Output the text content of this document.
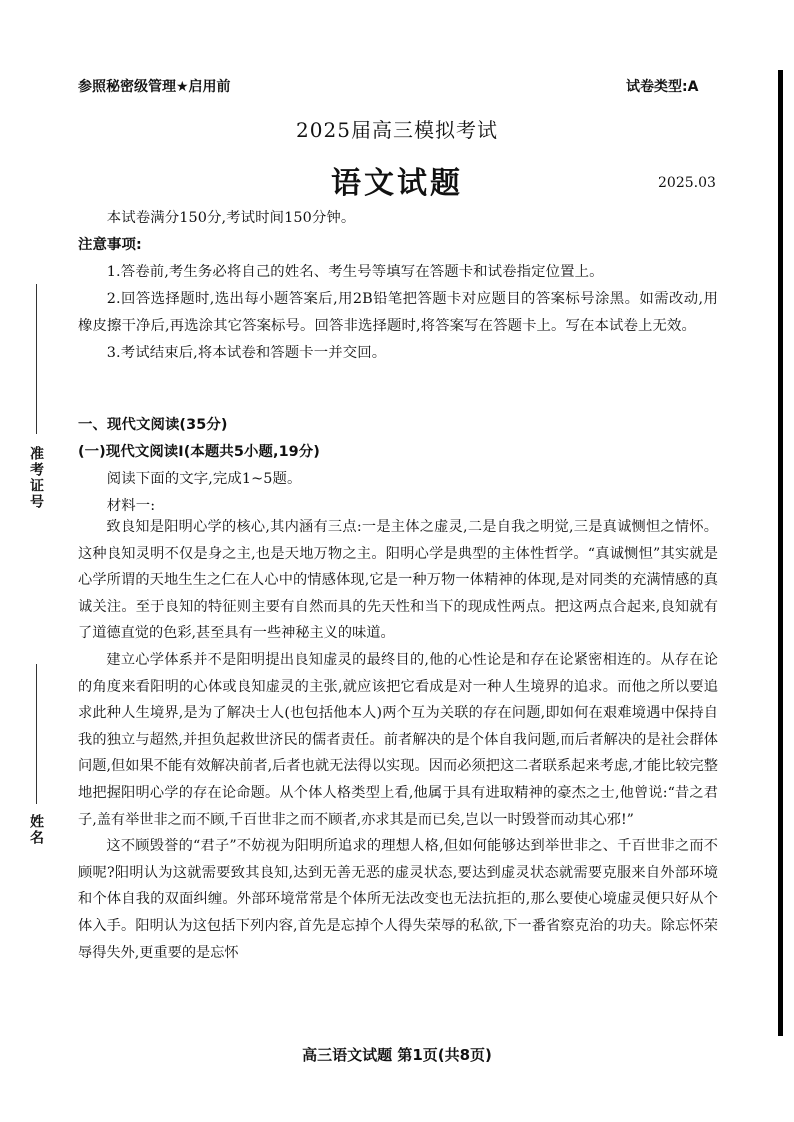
参照秘密级管理★启用前	试卷类型:A
2025届高三模拟考试
语文试题	2025.03
准考证号
姓名

本试卷满分150分,考试时间150分钟。

注意事项:

1.答卷前,考生务必将自己的姓名、考生号等填写在答题卡和试卷指定位置上。

2.回答选择题时,选出每小题答案后,用2B铅笔把答题卡对应题目的答案标号涂黑。如需改动,用橡皮擦干净后,再选涂其它答案标号。回答非选择题时,将答案写在答题卡上。写在本试卷上无效。

3.考试结束后,将本试卷和答题卡一并交回。

一、现代文阅读(35分)

(一)现代文阅读Ⅰ(本题共5小题,19分)

阅读下面的文字,完成1~5题。

材料一:

致良知是阳明心学的核心,其内涵有三点:一是主体之虚灵,二是自我之明觉,三是真诚恻怛之情怀。这种良知灵明不仅是身之主,也是天地万物之主。阳明心学是典型的主体性哲学。“真诚恻怛”其实就是心学所谓的天地生生之仁在人心中的情感体现,它是一种万物一体精神的体现,是对同类的充满情感的真诚关注。至于良知的特征则主要有自然而具的先天性和当下的现成性两点。把这两点合起来,良知就有了道德直觉的色彩,甚至具有一些神秘主义的味道。

建立心学体系并不是阳明提出良知虚灵的最终目的,他的心性论是和存在论紧密相连的。从存在论的角度来看阳明的心体或良知虚灵的主张,就应该把它看成是对一种人生境界的追求。而他之所以要追求此种人生境界,是为了解决士人(也包括他本人)两个互为关联的存在问题,即如何在艰难境遇中保持自我的独立与超然,并担负起救世济民的儒者责任。前者解决的是个体自我问题,而后者解决的是社会群体问题,但如果不能有效解决前者,后者也就无法得以实现。因而必须把这二者联系起来考虑,才能比较完整地把握阳明心学的存在论命题。从个体人格类型上看,他属于具有进取精神的豪杰之士,他曾说:“昔之君子,盖有举世非之而不顾,千百世非之而不顾者,亦求其是而已矣,岂以一时毁誉而动其心邪!”

这不顾毁誉的“君子”不妨视为阳明所追求的理想人格,但如何能够达到举世非之、千百世非之而不顾呢?阳明认为这就需要致其良知,达到无善无恶的虚灵状态,要达到虚灵状态就需要克服来自外部环境和个体自我的双面纠缠。外部环境常常是个体所无法改变也无法抗拒的,那么要使心境虚灵便只好从个体入手。阳明认为这包括下列内容,首先是忘掉个人得失荣辱的私欲,下一番省察克治的功夫。除忘怀荣辱得失外,更重要的是忘怀

高三语文试题 第1页(共8页)
